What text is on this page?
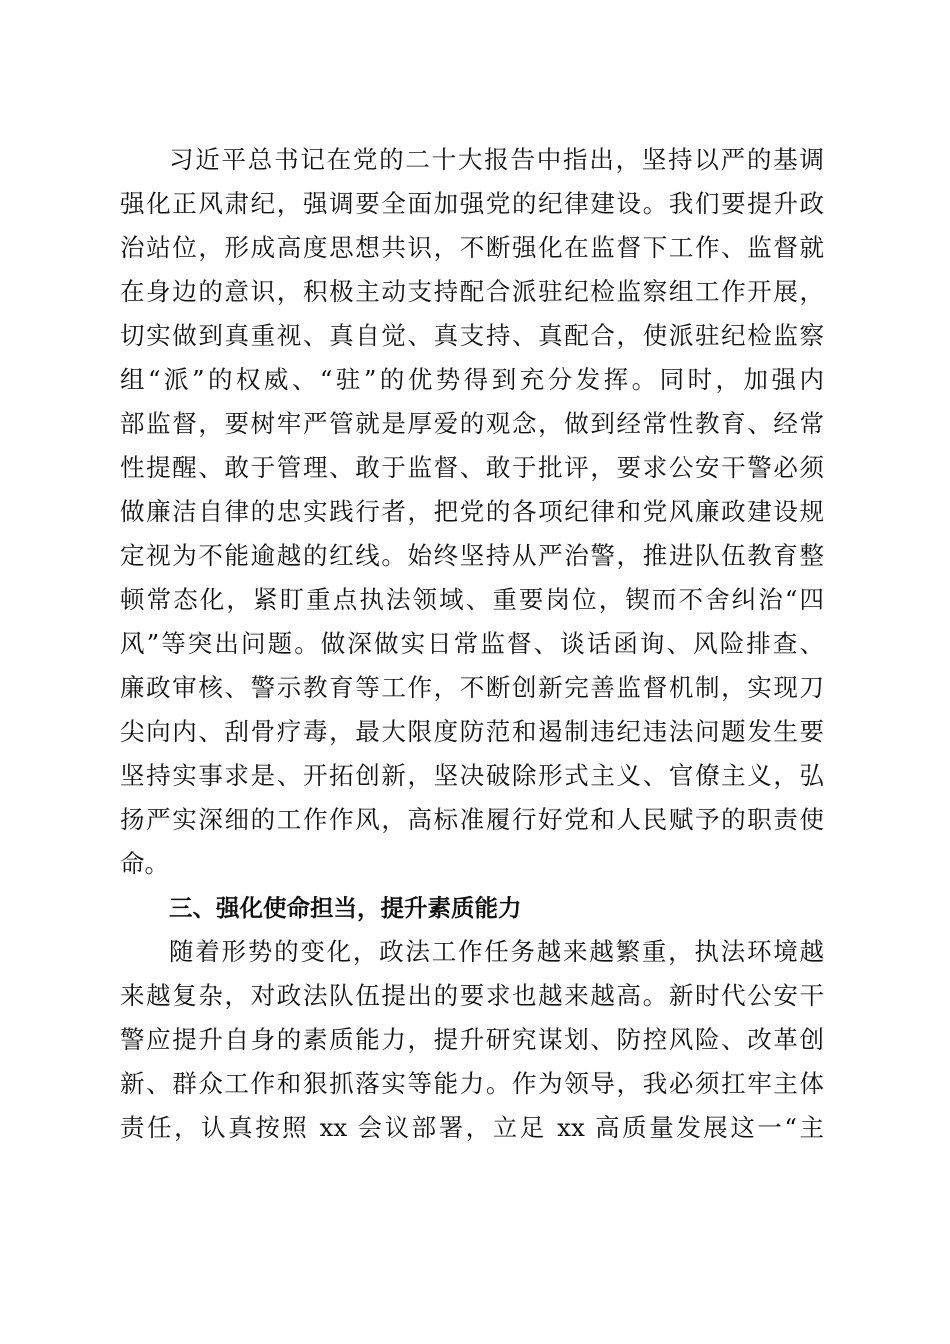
习近平总书记在党的二十大报告中指出，坚持以严的基调
强化正风肃纪，强调要全面加强党的纪律建设。我们要提升政
治站位，形成高度思想共识，不断强化在监督下工作、监督就
在身边的意识，积极主动支持配合派驻纪检监察组工作开展，
切实做到真重视、真自觉、真支持、真配合，使派驻纪检监察
组“派”的权威、“驻”的优势得到充分发挥。同时，加强内
部监督，要树牢严管就是厚爱的观念，做到经常性教育、经常
性提醒、敢于管理、敢于监督、敢于批评，要求公安干警必须
做廉洁自律的忠实践行者，把党的各项纪律和党风廉政建设规
定视为不能逾越的红线。始终坚持从严治警，推进队伍教育整
顿常态化，紧盯重点执法领域、重要岗位，锲而不舍纠治“四
风”等突出问题。做深做实日常监督、谈话函询、风险排查、
廉政审核、警示教育等工作，不断创新完善监督机制，实现刀
尖向内、刮骨疗毒，最大限度防范和遏制违纪违法问题发生要
坚持实事求是、开拓创新，坚决破除形式主义、官僚主义，弘
扬严实深细的工作作风，高标准履行好党和人民赋予的职责使
命。
三、强化使命担当，提升素质能力
随着形势的变化，政法工作任务越来越繁重，执法环境越
来越复杂，对政法队伍提出的要求也越来越高。新时代公安干
警应提升自身的素质能力，提升研究谋划、防控风险、改革创
新、群众工作和狠抓落实等能力。作为领导，我必须扛牢主体
责任，认真按照 xx 会议部署，立足 xx 高质量发展这一“主
